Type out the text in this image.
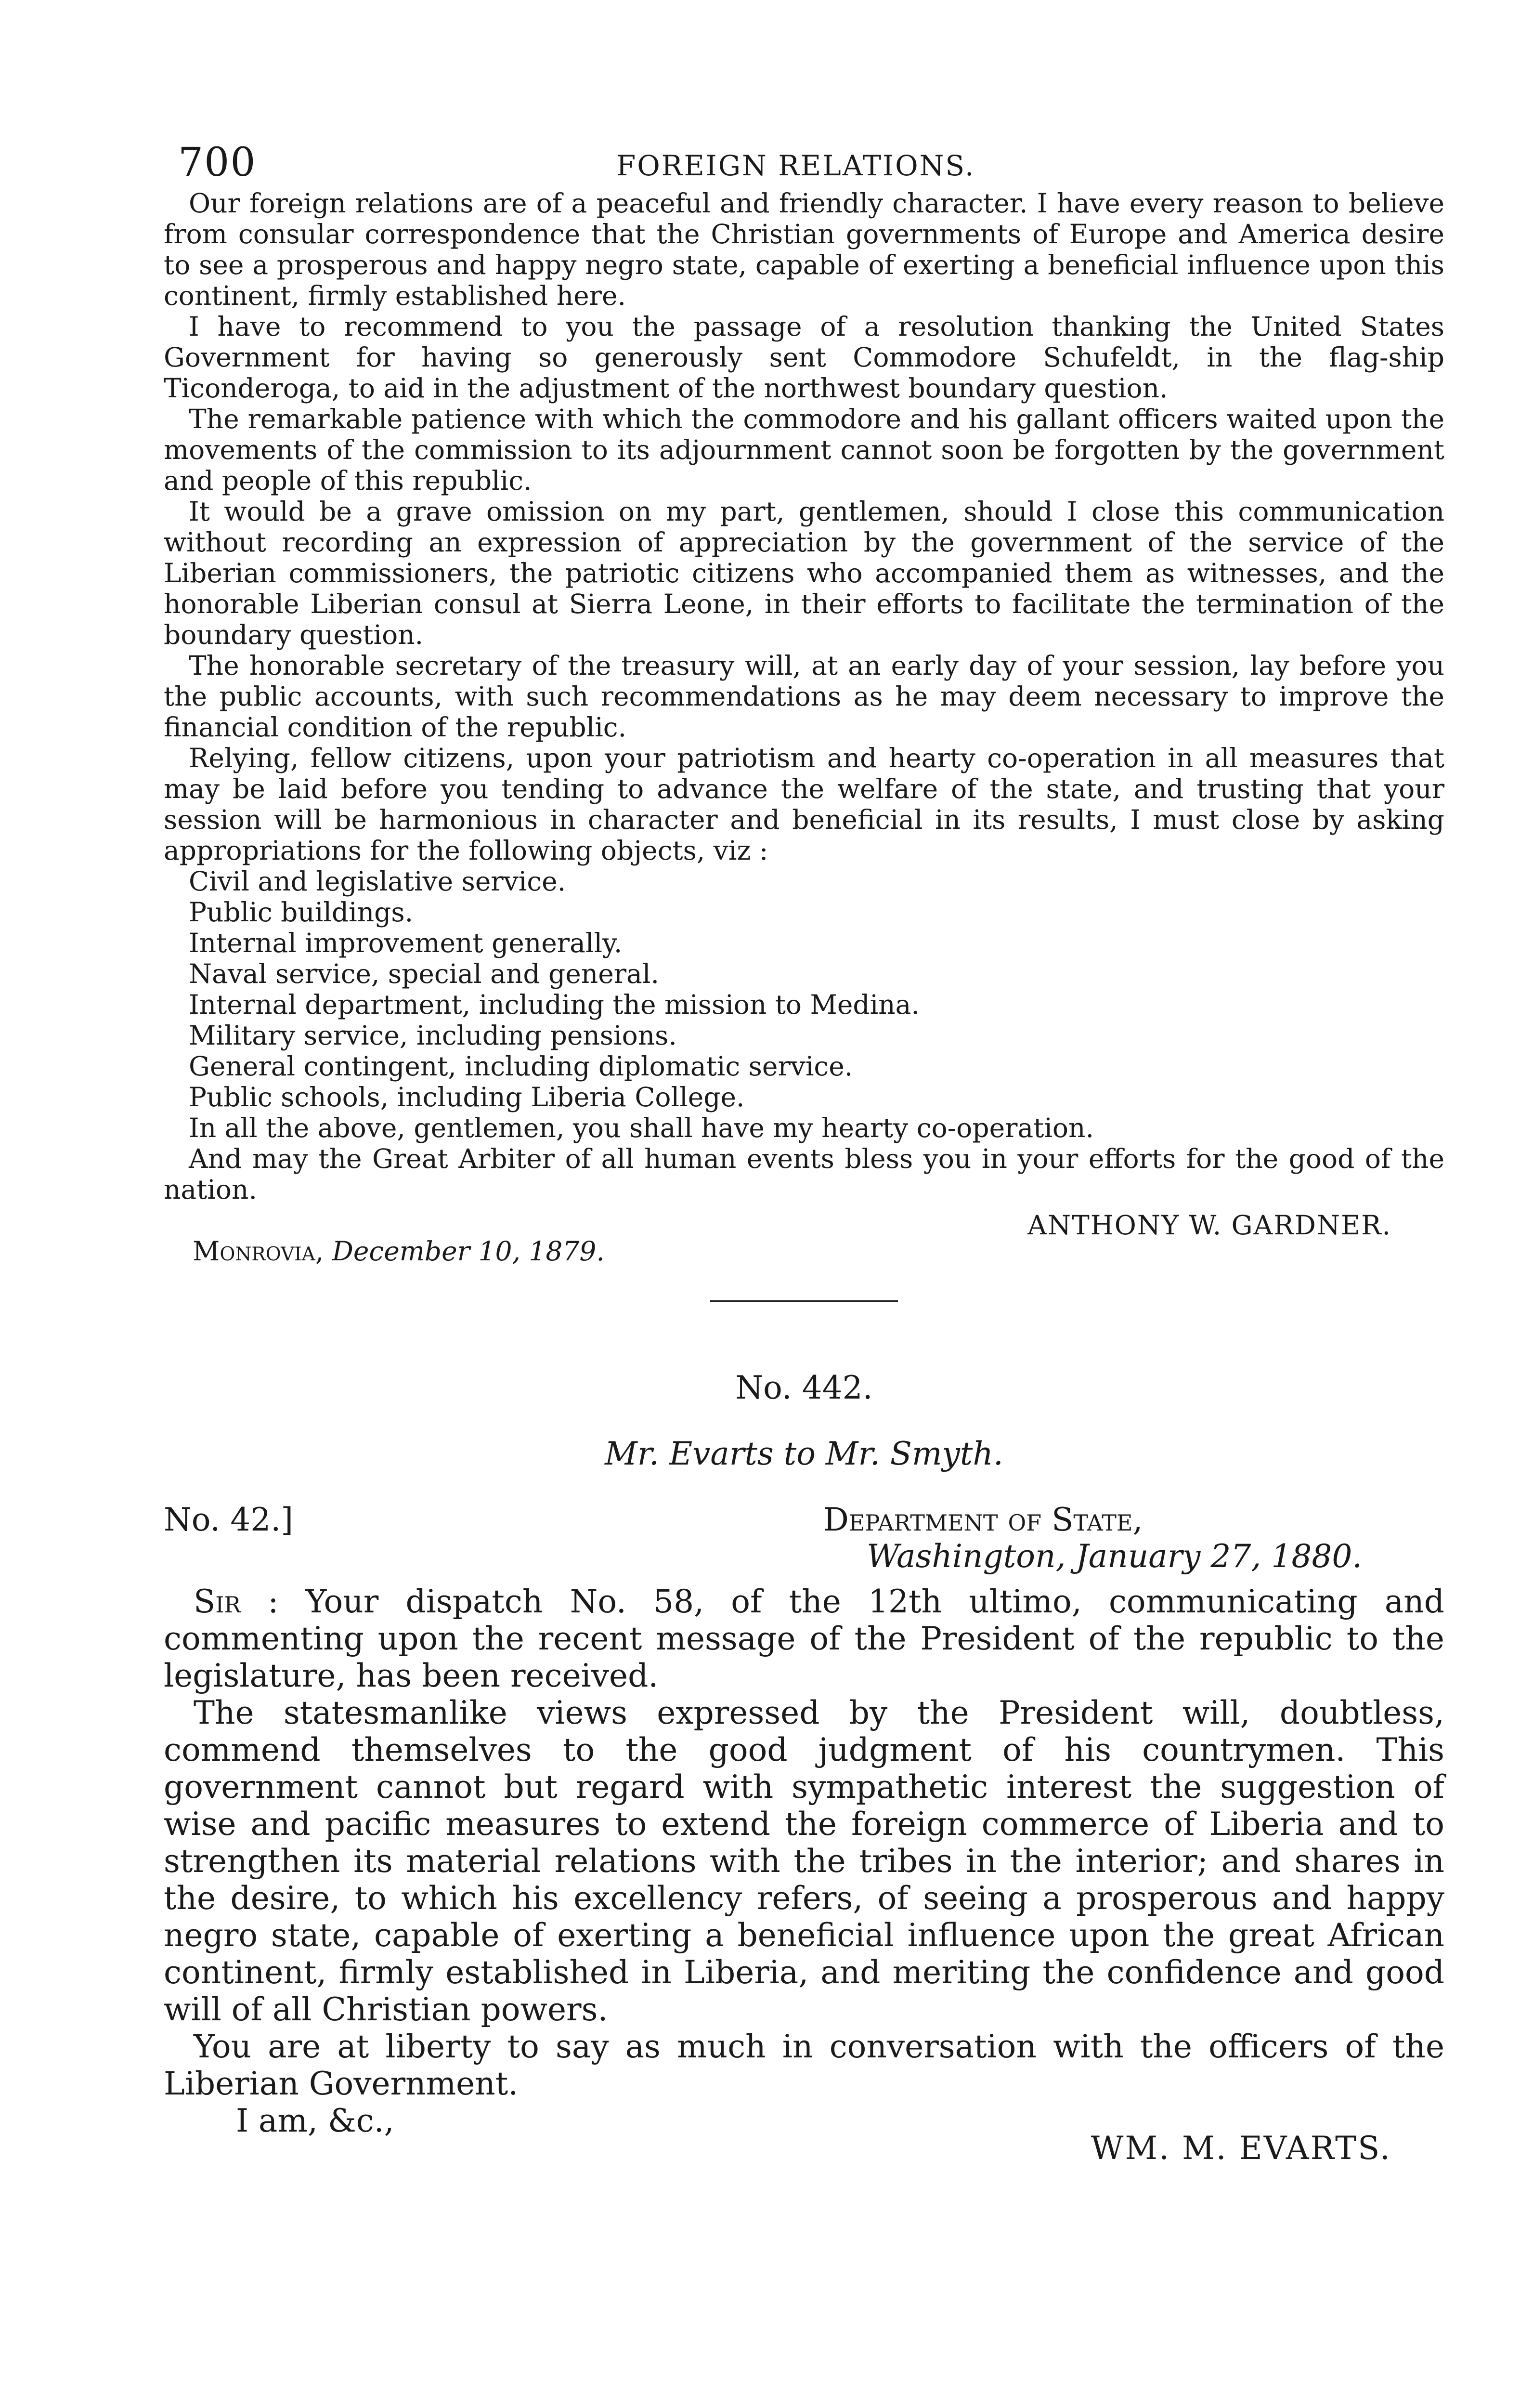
700	FOREIGN RELATIONS.

Our foreign relations are of a peaceful and friendly character. I have every reason to believe from consular correspondence that the Christian governments of Europe and America desire to see a prosperous and happy negro state, capable of exerting a beneficial influence upon this continent, firmly established here.

I have to recommend to you the passage of a resolution thanking the United States Government for having so generously sent Commodore Schufeldt, in the flag-ship Ticonderoga, to aid in the adjustment of the northwest boundary question.

The remarkable patience with which the commodore and his gallant officers waited upon the movements of the commission to its adjournment cannot soon be forgotten by the government and people of this republic.

It would be a grave omission on my part, gentlemen, should I close this communication without recording an expression of appreciation by the government of the service of the Liberian commissioners, the patriotic citizens who accompanied them as witnesses, and the honorable Liberian consul at Sierra Leone, in their efforts to facilitate the termination of the boundary question.

The honorable secretary of the treasury will, at an early day of your session, lay before you the public accounts, with such recommendations as he may deem necessary to improve the financial condition of the republic.

Relying, fellow citizens, upon your patriotism and hearty co-operation in all measures that may be laid before you tending to advance the welfare of the state, and trusting that your session will be harmonious in character and beneficial in its results, I must close by asking appropriations for the following objects, viz :

Civil and legislative service.
Public buildings.
Internal improvement generally.
Naval service, special and general.
Internal department, including the mission to Medina.
Military service, including pensions.
General contingent, including diplomatic service.
Public schools, including Liberia College.

In all the above, gentlemen, you shall have my hearty co-operation.

And may the Great Arbiter of all human events bless you in your efforts for the good of the nation.

ANTHONY W. GARDNER.
Monrovia, December 10, 1879.
No. 442.
Mr. Evarts to Mr. Smyth.
No. 42.]	Department of State,
Washington, January 27, 1880.

Sir : Your dispatch No. 58, of the 12th ultimo, communicating and commenting upon the recent message of the President of the republic to the legislature, has been received.

The statesmanlike views expressed by the President will, doubtless, commend themselves to the good judgment of his countrymen. This government cannot but regard with sympathetic interest the suggestion of wise and pacific measures to extend the foreign commerce of Liberia and to strengthen its material relations with the tribes in the interior; and shares in the desire, to which his excellency refers, of seeing a prosperous and happy negro state, capable of exerting a beneficial influence upon the great African continent, firmly established in Liberia, and meriting the confidence and good will of all Christian powers.

You are at liberty to say as much in conversation with the officers of the Liberian Government.

I am, &c.,
WM. M. EVARTS.
